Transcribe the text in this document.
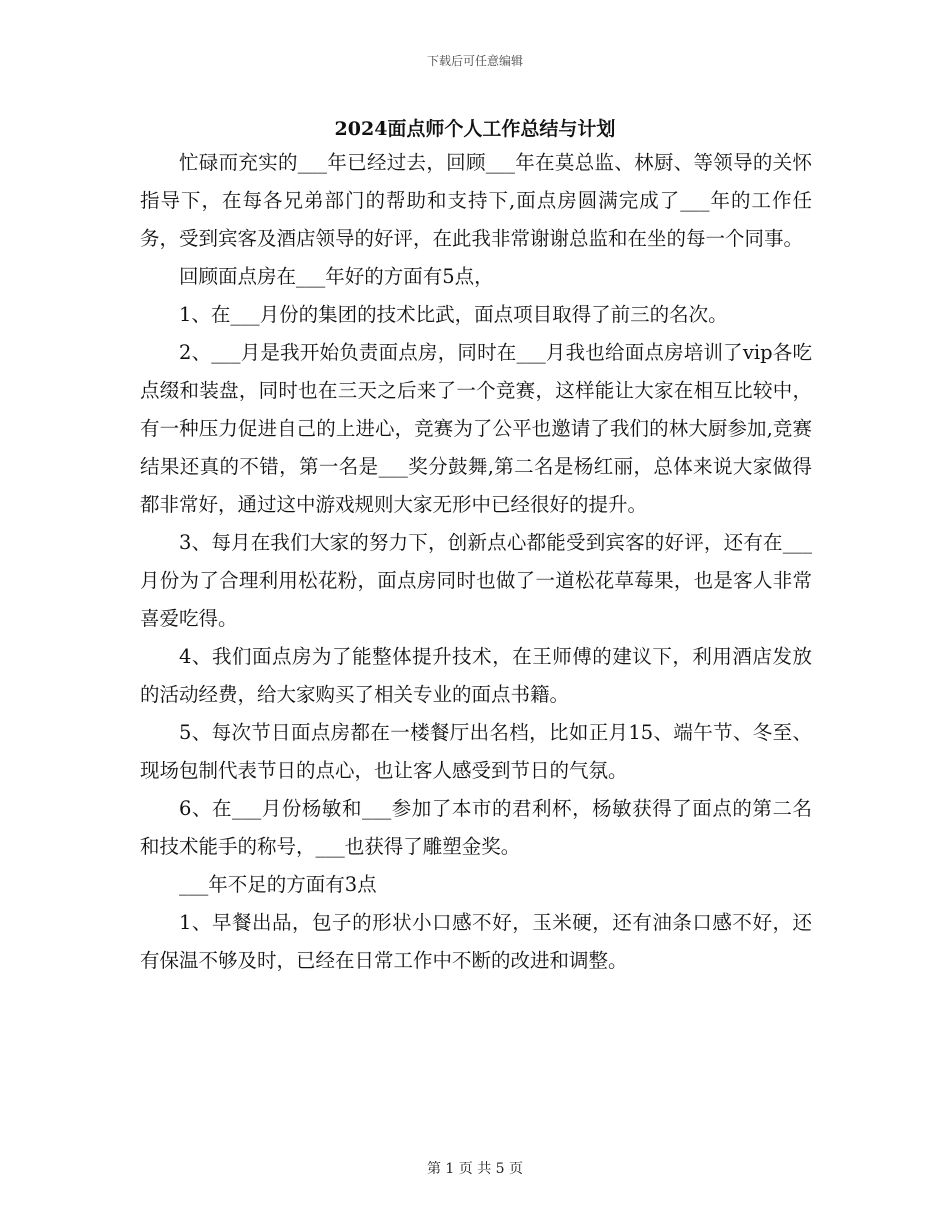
下载后可任意编辑
2024面点师个人工作总结与计划

忙碌而充实的___年已经过去，回顾___年在莫总监、林厨、等领导的关怀指导下，在每各兄弟部门的帮助和支持下,面点房圆满完成了___年的工作任务，受到宾客及酒店领导的好评，在此我非常谢谢总监和在坐的每一个同事。

回顾面点房在___年好的方面有5点，

1、在___月份的集团的技术比武，面点项目取得了前三的名次。

2、___月是我开始负责面点房，同时在___月我也给面点房培训了vip各吃点缀和装盘，同时也在三天之后来了一个竞赛，这样能让大家在相互比较中，有一种压力促进自己的上进心，竞赛为了公平也邀请了我们的林大厨参加,竞赛结果还真的不错，第一名是___奖分鼓舞,第二名是杨红丽，总体来说大家做得都非常好，通过这中游戏规则大家无形中已经很好的提升。

3、每月在我们大家的努力下，创新点心都能受到宾客的好评，还有在___月份为了合理利用松花粉，面点房同时也做了一道松花草莓果，也是客人非常喜爱吃得。

4、我们面点房为了能整体提升技术，在王师傅的建议下，利用酒店发放的活动经费，给大家购买了相关专业的面点书籍。

5、每次节日面点房都在一楼餐厅出名档，比如正月15、端午节、冬至、现场包制代表节日的点心，也让客人感受到节日的气氛。

6、在___月份杨敏和___参加了本市的君利杯，杨敏获得了面点的第二名和技术能手的称号，___也获得了雕塑金奖。

___年不足的方面有3点

1、早餐出品，包子的形状小口感不好，玉米硬，还有油条口感不好，还有保温不够及时，已经在日常工作中不断的改进和调整。

第 1 页 共 5 页
